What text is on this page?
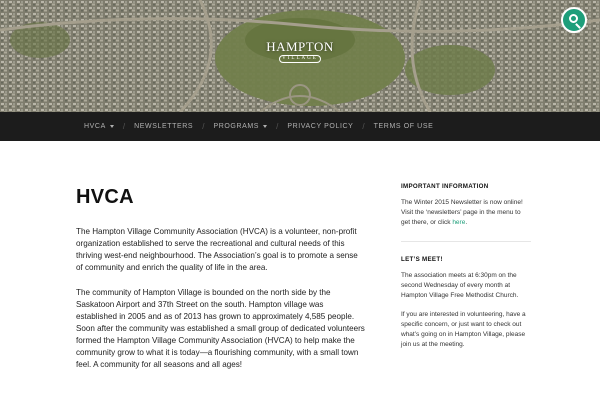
HAMPTON
VILLAGE
HVCA / NEWSLETTERS / PROGRAMS / PRIVACY POLICY / TERMS OF USE
HVCA

The Hampton Village Community Association (HVCA) is a volunteer, non-profit organization established to serve the recreational and cultural needs of this thriving west-end neighbourhood. The Association’s goal is to promote a sense of community and enrich the quality of life in the area.

The community of Hampton Village is bounded on the north side by the Saskatoon Airport and 37th Street on the south. Hampton village was established in 2005 and as of 2013 has grown to approximately 4,585 people. Soon after the community was established a small group of dedicated volunteers formed the Hampton Village Community Association (HVCA) to help make the community grow to what it is today—a flourishing community, with a small town feel. A community for all seasons and all ages!

IMPORTANT INFORMATION

The Winter 2015 Newsletter is now online! Visit the ‘newsletters’ page in the menu to get there, or click here.

LET’S MEET!

The association meets at 6:30pm on the second Wednesday of every month at Hampton Village Free Methodist Church.

If you are interested in volunteering, have a specific concern, or just want to check out what’s going on in Hampton Village, please join us at the meeting.
